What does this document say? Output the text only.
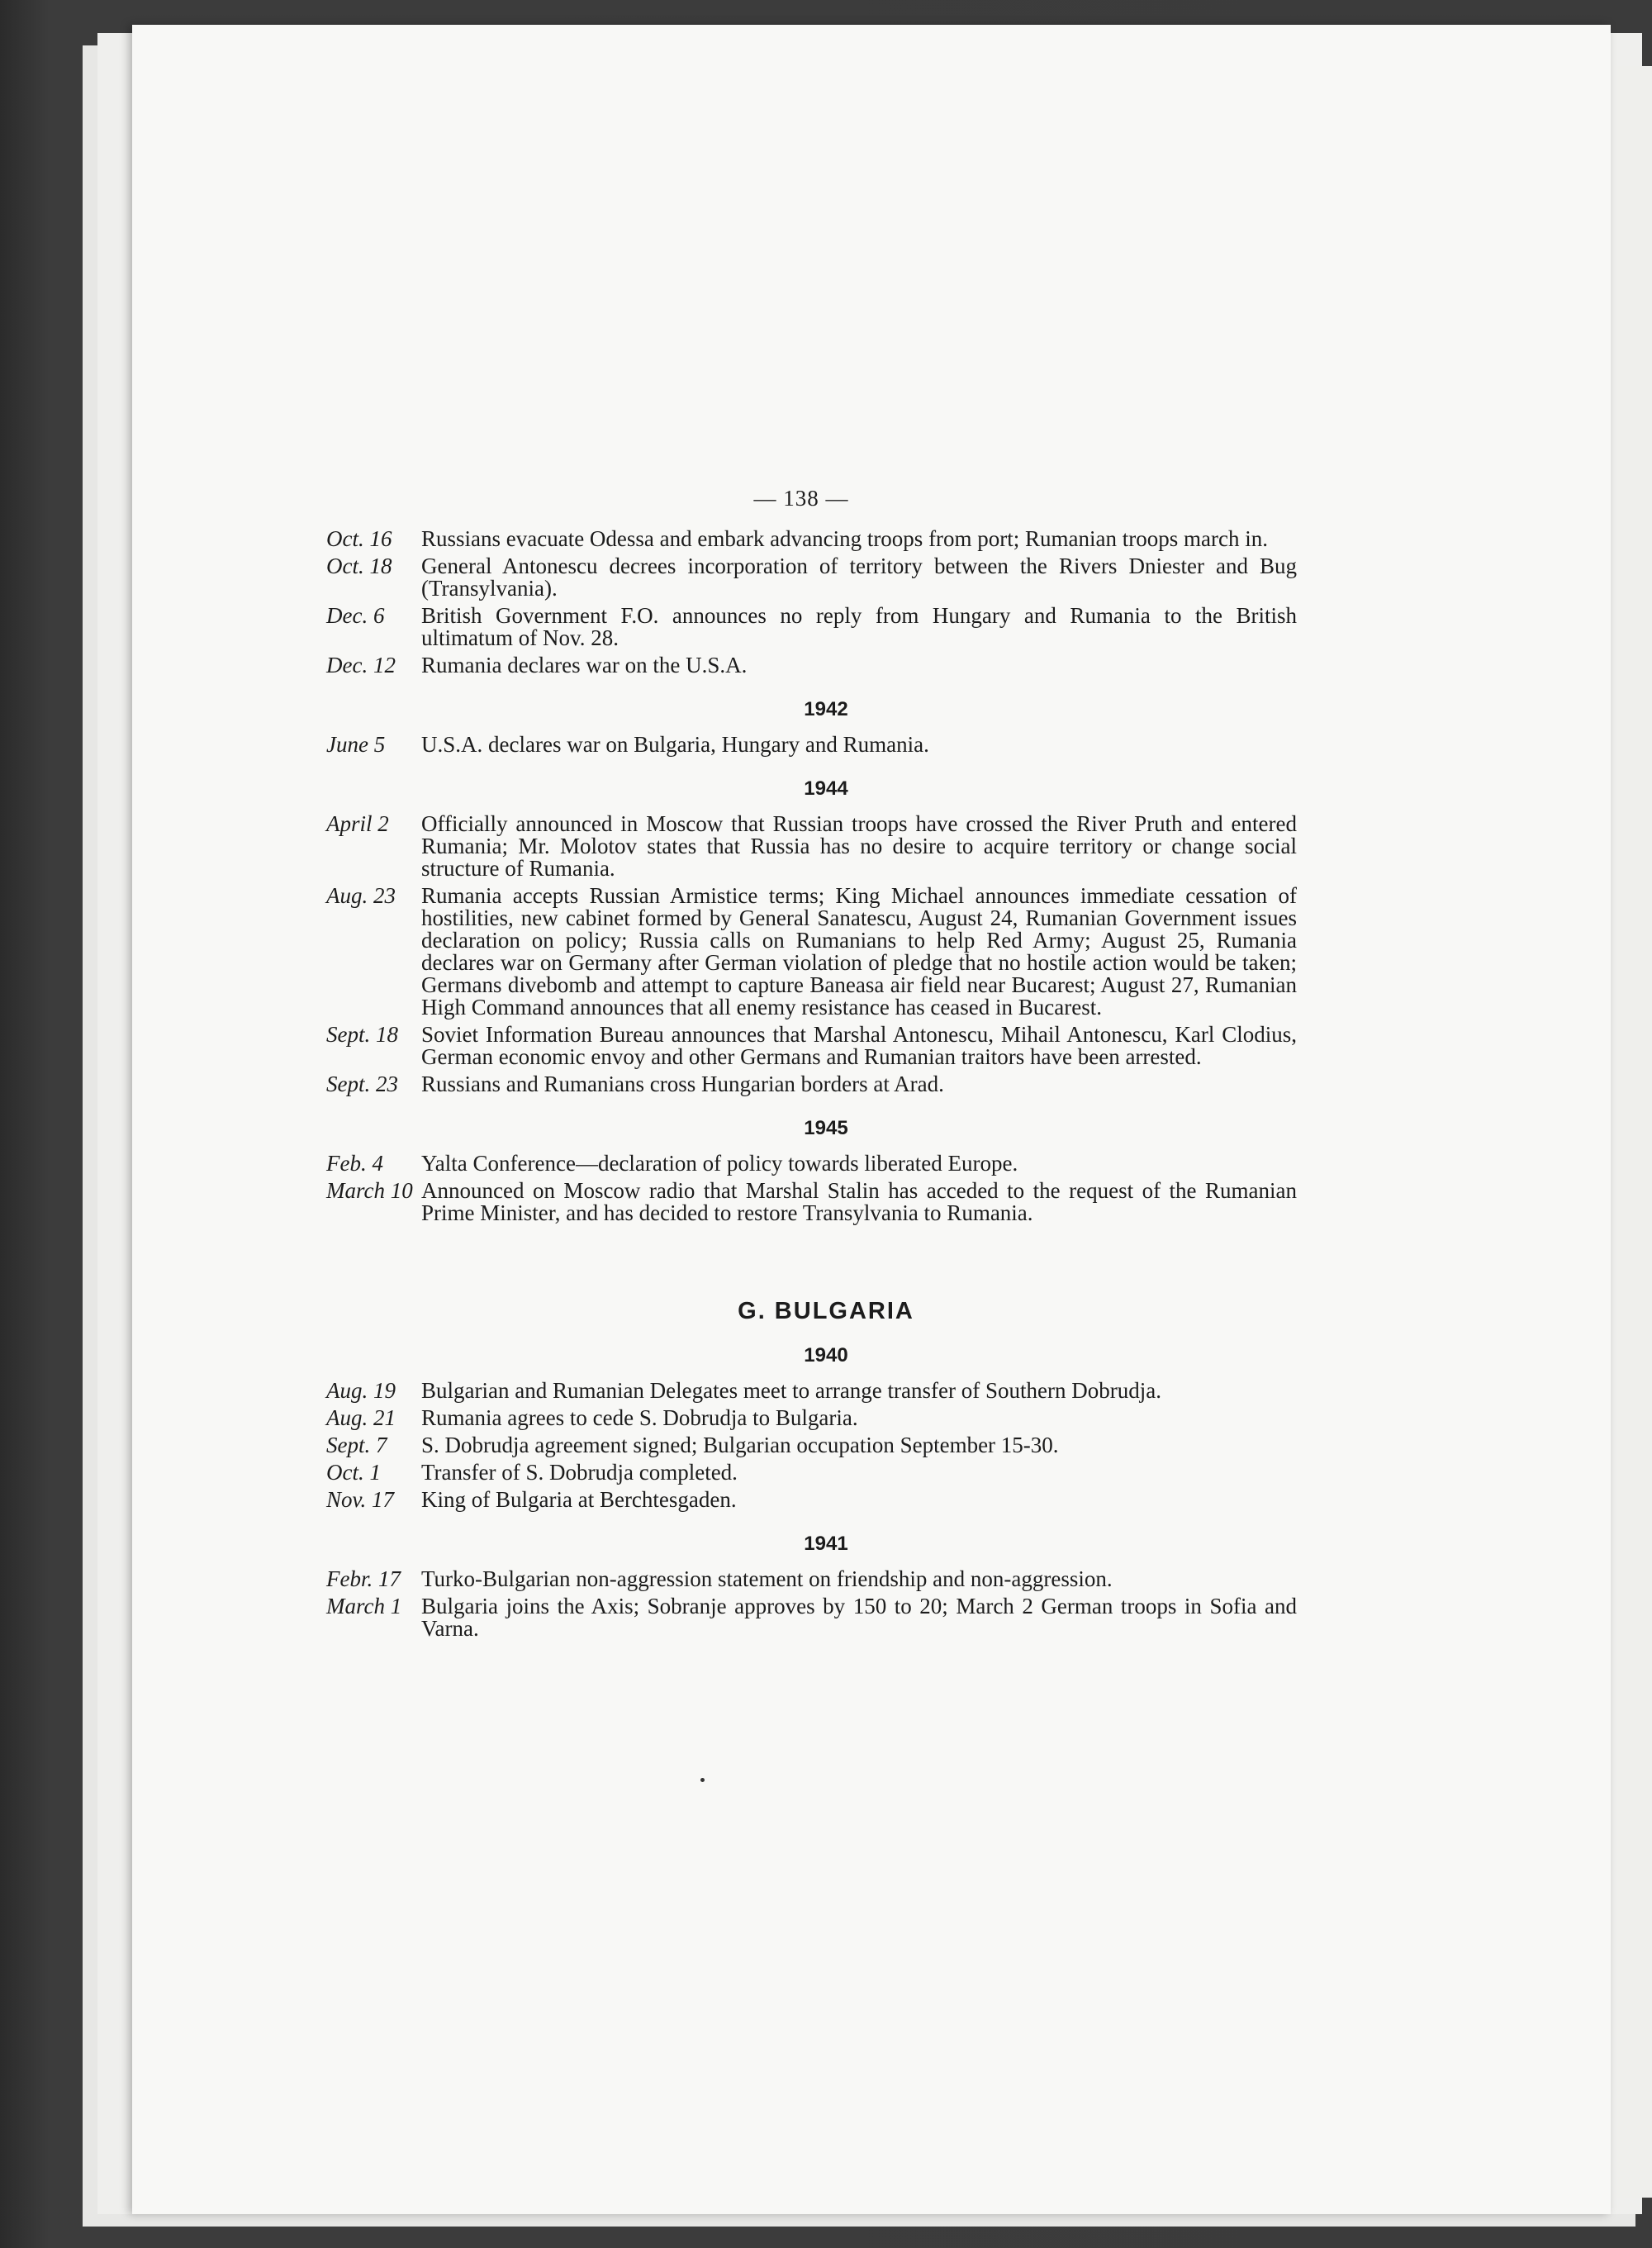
— 138 —
Oct. 16	Russians evacuate Odessa and embark advancing troops from port; Rumanian troops march in.
Oct. 18	General Antonescu decrees incorporation of territory between the Rivers Dniester and Bug (Transylvania).
Dec. 6	British Government F.O. announces no reply from Hungary and Rumania to the British ultimatum of Nov. 28.
Dec. 12	Rumania declares war on the U.S.A.
1942
June 5	U.S.A. declares war on Bulgaria, Hungary and Rumania.
1944
April 2	Officially announced in Moscow that Russian troops have crossed the River Pruth and entered Rumania; Mr. Molotov states that Russia has no desire to acquire territory or change social structure of Rumania.
Aug. 23	Rumania accepts Russian Armistice terms; King Michael announces immediate cessation of hostilities, new cabinet formed by General Sanatescu, August 24, Rumanian Government issues declaration on policy; Russia calls on Rumanians to help Red Army; August 25, Rumania declares war on Germany after German violation of pledge that no hostile action would be taken; Germans divebomb and attempt to capture Baneasa air field near Bucarest; August 27, Rumanian High Command announces that all enemy resistance has ceased in Bucarest.
Sept. 18	Soviet Information Bureau announces that Marshal Antonescu, Mihail Antonescu, Karl Clodius, German economic envoy and other Germans and Rumanian traitors have been arrested.
Sept. 23	Russians and Rumanians cross Hungarian borders at Arad.
1945
Feb. 4	Yalta Conference—declaration of policy towards liberated Europe.
March 10 Announced on Moscow radio that Marshal Stalin has acceded to the request of the Rumanian Prime Minister, and has decided to restore Transylvania to Rumania.
G. BULGARIA
1940
Aug. 19	Bulgarian and Rumanian Delegates meet to arrange transfer of Southern Dobrudja.
Aug. 21	Rumania agrees to cede S. Dobrudja to Bulgaria.
Sept. 7	S. Dobrudja agreement signed; Bulgarian occupation September 15-30.
Oct. 1	Transfer of S. Dobrudja completed.
Nov. 17	King of Bulgaria at Berchtesgaden.
1941
Febr. 17 Turko-Bulgarian non-aggression statement on friendship and non-aggression.
March 1 Bulgaria joins the Axis; Sobranje approves by 150 to 20; March 2 German troops in Sofia and Varna.
